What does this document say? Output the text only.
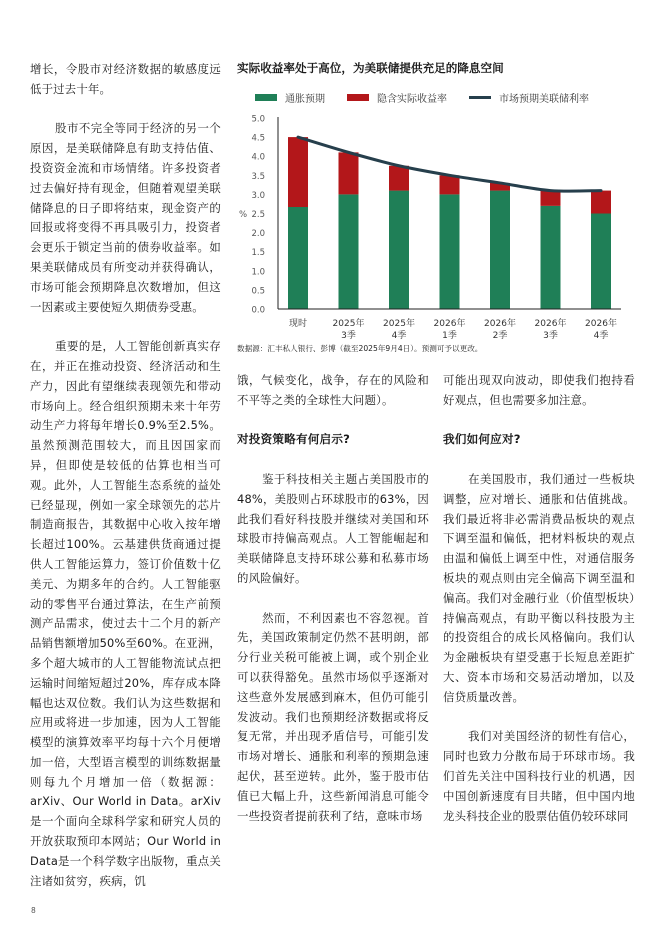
增长，令股市对经济数据的敏感度远低于过去十年。

股市不完全等同于经济的另一个原因，是美联储降息有助支持估值、投资资金流和市场情绪。许多投资者过去偏好持有现金，但随着观望美联储降息的日子即将结束，现金资产的回报或将变得不再具吸引力，投资者会更乐于锁定当前的债券收益率。如果美联储成员有所变动并获得确认，市场可能会预期降息次数增加，但这一因素或主要使短久期债券受惠。

重要的是，人工智能创新真实存在，并正在推动投资、经济活动和生产力，因此有望继续表现领先和带动市场向上。经合组织预期未来十年劳动生产力将每年增长0.9%至2.5%。虽然预测范围较大，而且因国家而异，但即使是较低的估算也相当可观。此外，人工智能生态系统的益处已经显现，例如一家全球领先的芯片制造商报告，其数据中心收入按年增长超过100%。云基建供货商通过提供人工智能运算力，签订价值数十亿美元、为期多年的合约。人工智能驱动的零售平台通过算法，在生产前预测产品需求，使过去十二个月的新产品销售额增加50%至60%。在亚洲，多个超大城市的人工智能物流试点把运输时间缩短超过20%，库存成本降幅也达双位数。我们认为这些数据和应用或将进一步加速，因为人工智能模型的演算效率平均每十六个月便增加一倍，大型语言模型的训练数据量则每九个月增加一倍（数据源：arXiv、Our World in Data。arXiv是一个面向全球科学家和研究人员的开放获取预印本网站；Our World in Data是一个科学数字出版物，重点关注诸如贫穷，疾病，饥

实际收益率处于高位，为美联储提供充足的降息空间
通胀预期	隐含实际收益率	市场预期美联储利率
0.0
0.5
1.0
1.5
2.0
2.5
3.0
3.5
4.0
4.5
5.0
%
现时	2025年
3季
2025年
4季
2026年
1季
2026年
2季
2026年
3季
2026年
4季
数据源：汇丰私人银行、彭博（截至2025年9月4日）。预测可予以更改。

饿，气候变化，战争，存在的风险和不平等之类的全球性大问题）。

对投资策略有何启示?

鉴于科技相关主题占美国股市的48%，美股则占环球股市的63%，因此我们看好科技股并继续对美国和环球股市持偏高观点。人工智能崛起和美联储降息支持环球公募和私募市场的风险偏好。

然而，不利因素也不容忽视。首先，美国政策制定仍然不甚明朗，部分行业关税可能被上调，或个别企业可以获得豁免。虽然市场似乎逐渐对这些意外发展感到麻木，但仍可能引发波动。我们也预期经济数据或将反复无常，并出现矛盾信号，可能引发市场对增长、通胀和利率的预期急速起伏，甚至逆转。此外，鉴于股市估值已大幅上升，这些新闻消息可能令一些投资者提前获利了结，意味市场

可能出现双向波动，即使我们抱持看好观点，但也需要多加注意。

我们如何应对?

在美国股市，我们通过一些板块调整，应对增长、通胀和估值挑战。我们最近将非必需消费品板块的观点下调至温和偏低，把材料板块的观点由温和偏低上调至中性，对通信服务板块的观点则由完全偏高下调至温和偏高。我们对金融行业（价值型板块）持偏高观点，有助平衡以科技股为主的投资组合的成长风格偏向。我们认为金融板块有望受惠于长短息差距扩大、资本市场和交易活动增加，以及信贷质量改善。

我们对美国经济的韧性有信心，同时也致力分散布局于环球市场。我们首先关注中国科技行业的机遇，因中国创新速度有目共睹，但中国内地龙头科技企业的股票估值仍较环球同

8
